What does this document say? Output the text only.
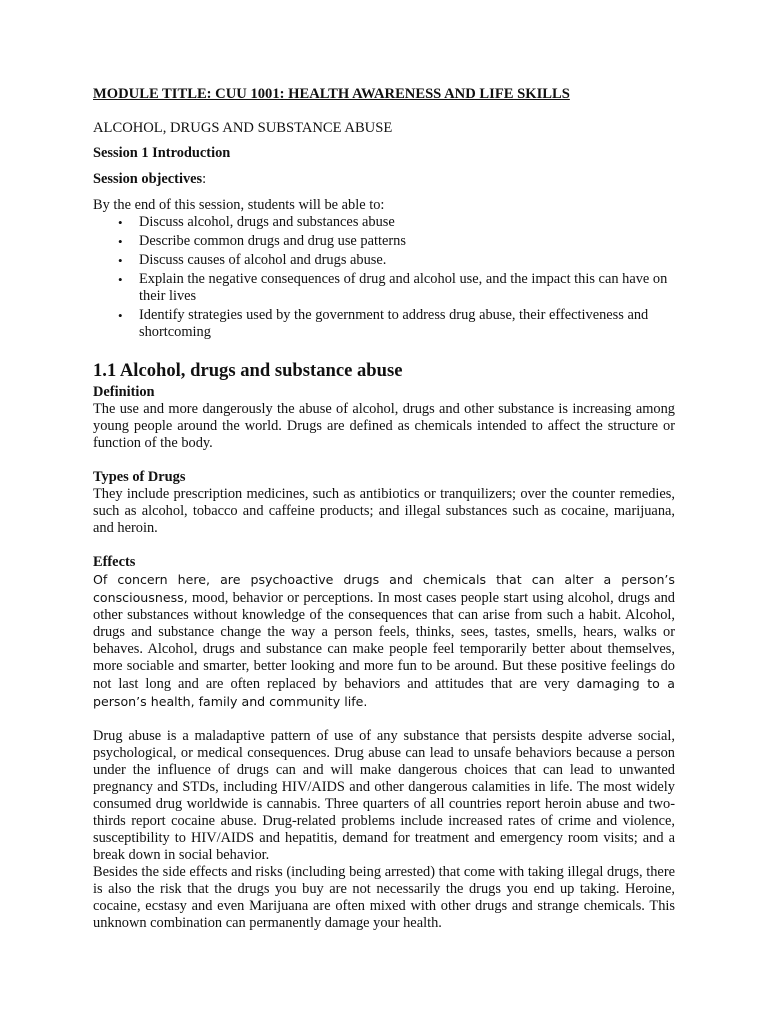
MODULE TITLE: CUU 1001: HEALTH AWARENESS AND LIFE SKILLS

ALCOHOL, DRUGS AND SUBSTANCE ABUSE

Session 1 Introduction

Session objectives:

By the end of this session, students will be able to:

• Discuss alcohol, drugs and substances abuse
• Describe common drugs and drug use patterns
• Discuss causes of alcohol and drugs abuse.
• Explain the negative consequences of drug and alcohol use, and the impact this can have on their lives
• Identify strategies used by the government to address drug abuse, their effectiveness and shortcoming
1.1 Alcohol, drugs and substance abuse

Definition

The use and more dangerously the abuse of alcohol, drugs and other substance is increasing among young people around the world. Drugs are defined as chemicals intended to affect the structure or function of the body.

Types of Drugs

They include prescription medicines, such as antibiotics or tranquilizers; over the counter remedies, such as alcohol, tobacco and caffeine products; and illegal substances such as cocaine, marijuana, and heroin.

Effects

Of concern here, are psychoactive drugs and chemicals that can alter a person’s consciousness, mood, behavior or perceptions. In most cases people start using alcohol, drugs and other substances without knowledge of the consequences that can arise from such a habit. Alcohol, drugs and substance change the way a person feels, thinks, sees, tastes, smells, hears, walks or behaves. Alcohol, drugs and substance can make people feel temporarily better about themselves, more sociable and smarter, better looking and more fun to be around. But these positive feelings do not last long and are often replaced by behaviors and attitudes that are very damaging to a person’s health, family and community life.

Drug abuse is a maladaptive pattern of use of any substance that persists despite adverse social, psychological, or medical consequences. Drug abuse can lead to unsafe behaviors because a person under the influence of drugs can and will make dangerous choices that can lead to unwanted pregnancy and STDs, including HIV/AIDS and other dangerous calamities in life. The most widely consumed drug worldwide is cannabis. Three quarters of all countries report heroin abuse and two-thirds report cocaine abuse. Drug-related problems include increased rates of crime and violence, susceptibility to HIV/AIDS and hepatitis, demand for treatment and emergency room visits; and a break down in social behavior.

Besides the side effects and risks (including being arrested) that come with taking illegal drugs, there is also the risk that the drugs you buy are not necessarily the drugs you end up taking. Heroine, cocaine, ecstasy and even Marijuana are often mixed with other drugs and strange chemicals. This unknown combination can permanently damage your health.
